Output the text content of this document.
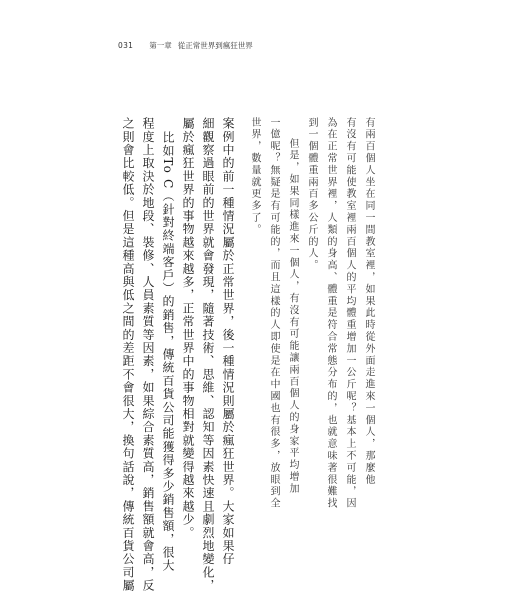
031 第一章 從正常世界到瘋狂世界
有兩百個人坐在同一間教室裡，如果此時從外面走進來一個人，那麼他
有沒有可能使教室裡兩百個人的平均體重增加一公斤呢？基本上不可能，因
為在正常世界裡，人類的身高、體重是符合常態分布的，也就意味著很難找
到一個體重兩百多公斤的人。
但是，如果同樣進來一個人，有沒有可能讓兩百個人的身家平均增加
一億呢？無疑是有可能的，而且這樣的人即使是在中國也有很多，放眼到全
世界，數量就更多了。
案例中的前一種情況屬於正常世界，後一種情況則屬於瘋狂世界。大家如果仔
細觀察過眼前的世界就會發現，隨著技術、思維、認知等因素快速且劇烈地變化，
屬於瘋狂世界的事物越來越多，正常世界中的事物相對就變得越來越少。
比如To C（針對終端客戶）的銷售，傳統百貨公司能獲得多少銷售額，很大
程度上取決於地段、裝修、人員素質等因素，如果綜合素質高，銷售額就會高，反
之則會比較低。但是這種高與低之間的差距不會很大，換句話說，傳統百貨公司屬
